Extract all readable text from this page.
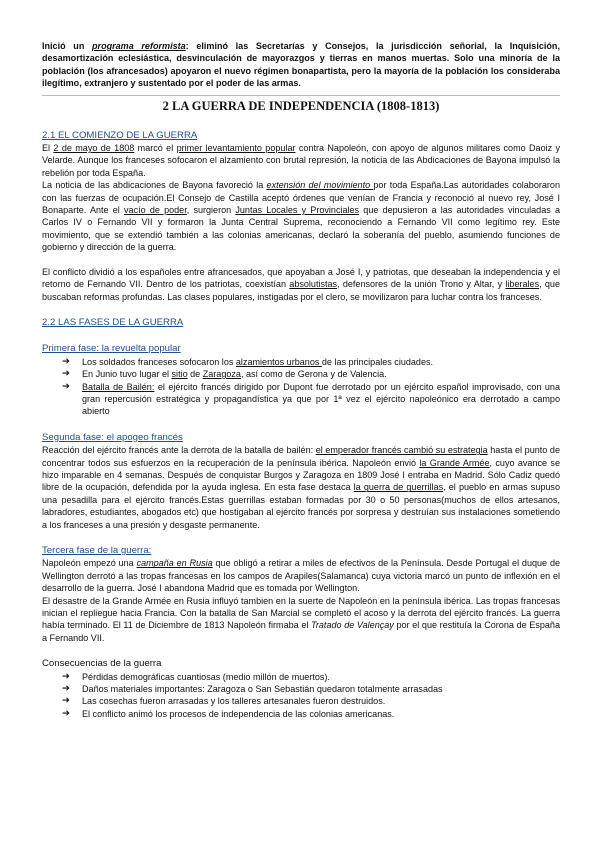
Inició un programa reformista: eliminó las Secretarías y Consejos, la jurisdicción señorial, la Inquisición, desamortización eclesiástica, desvinculación de mayorazgos y tierras en manos muertas. Solo una minoría de la población (los afrancesados) apoyaron el nuevo régimen bonapartista, pero la mayoría de la población los consideraba ilegítimo, extranjero y sustentado por el poder de las armas.

2 LA GUERRA DE INDEPENDENCIA (1808-1813)

2.1 EL COMIENZO DE LA GUERRA

El 2 de mayo de 1808 marcó el primer levantamiento popular contra Napoleón, con apoyo de algunos militares como Daoiz y Velarde. Aunque los franceses sofocaron el alzamiento con brutal represión, la noticia de las Abdicaciones de Bayona impulsó la rebelión por toda España.

La noticia de las abdicaciones de Bayona favoreció la extensión del movimiento por toda España.Las autoridades colaboraron con las fuerzas de ocupación.El Consejo de Castilla aceptó órdenes que venían de Francia y reconoció al nuevo rey, José I Bonaparte. Ante el vacío de poder, surgieron Juntas Locales y Provinciales que depusieron a las autoridades vinculadas a Carlos IV o Fernando VII y formaron la Junta Central Suprema, reconociendo a Fernando VII como legítimo rey. Este movimiento, que se extendió también a las colonias americanas, declaró la soberanía del pueblo, asumiendo funciones de gobierno y dirección de la guerra.

El conflicto dividió a los españoles entre afrancesados, que apoyaban a José I, y patriotas, que deseaban la independencia y el retorno de Fernando VII. Dentro de los patriotas, coexistían absolutistas, defensores de la unión Trono y Altar, y liberales, que buscaban reformas profundas. Las clases populares, instigadas por el clero, se movilizaron para luchar contra los franceses.

2.2 LAS FASES DE LA GUERRA

Primera fase: la revuelta popular

➔ Los soldados franceses sofocaron los alzamientos urbanos de las principales ciudades.
➔ En Junio tuvo lugar el sitio de Zaragoza, así como de Gerona y de Valencia.
➔ Batalla de Bailén: el ejército francés dirigido por Dupont fue derrotado por un ejército español improvisado, con una gran repercusión estratégica y propagandística ya que por 1ª vez el ejército napoleónico era derrotado a campo abierto

Segunda fase: el apogeo francés

Reacción del ejército francés ante la derrota de la batalla de bailén: el emperador francés cambió su estrategia hasta el punto de concentrar todos sus esfuerzos en la recuperación de la península ibérica. Napoleón envió la Grande Armée, cuyo avance se hizo imparable en 4 semanas. Después de conquistar Burgos y Zaragoza en 1809 José I entraba en Madrid. Sólo Cadiz quedó libre de la ocupación, defendida por la ayuda inglesa. En esta fase destaca la guerra de guerrillas, el pueblo en armas supuso una pesadilla para el ejército francés.Estas guerrillas estaban formadas por 30 o 50 personas(muchos de ellos artesanos, labradores, estudiantes, abogados etc) que hostigaban al ejército francés por sorpresa y destruían sus instalaciones sometiendo a los franceses a una presión y desgaste permanente.

Tercera fase de la guerra:

Napoleón empezó una campaña en Rusia que obligó a retirar a miles de efectivos de la Península. Desde Portugal el duque de Wellington derrotó a las tropas francesas en los campos de Arapiles(Salamanca) cuya victoria marcó un punto de inflexión en el desarrollo de la guerra. José I abandona Madrid que es tomada por Wellington.

El desastre de la Grande Armée en Rusia influyó tambien en la suerte de Napoleón en la península ibérica. Las tropas francesas inician el repliegue hacia Francia. Con la batalla de San Marcial se completó el acoso y la derrota del ejército francés. La guerra había terminado. El 11 de Diciembre de 1813 Napoleón firmaba el Tratado de Valençay por el que restituía la Corona de España a Fernando VII.

Consecuencias de la guerra

➔ Pérdidas demográficas cuantiosas (medio millón de muertos).
➔ Daños materiales importantes: Zaragoza o San Sebastián quedaron totalmente arrasadas
➔ Las cosechas fueron arrasadas y los talleres artesanales fueron destruidos.
➔ El conflicto animó los procesos de independencia de las colonias americanas.
